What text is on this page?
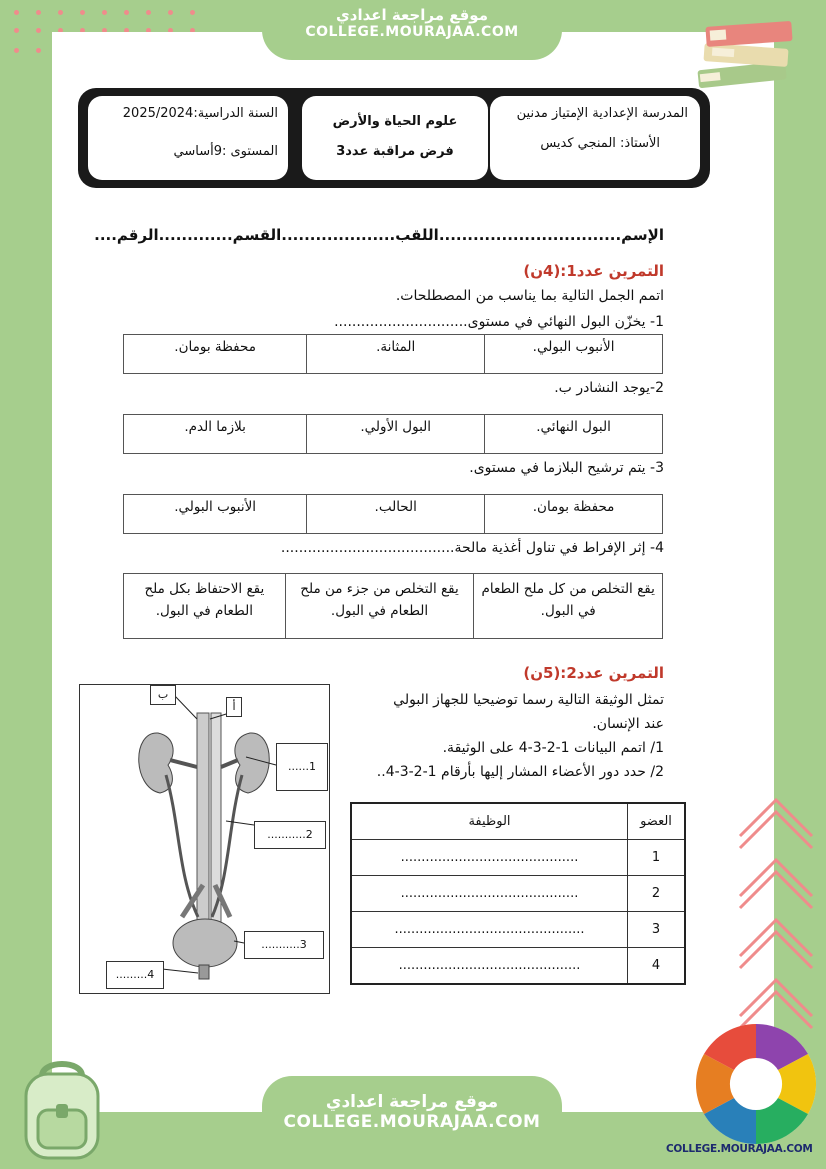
موقع مراجعة اعدادي
COLLEGE.MOURAJAA.COM
المدرسة الإعدادية الإمتياز مدنين
الأستاذ: المنجي كديس
علوم الحياة والأرض
فرض مراقبة عدد3
السنة الدراسية:2025/2024
المستوى :9أساسي
الإسم................................اللقب....................القسم.............الرقم....
التمرين عدد1:(4ن)
اتمم الجمل التالية بما يناسب من المصطلحات.
1- يخزّن البول النهائي في مستوى..............................
الأنبوب البولي.	المثانة.	محفظة بومان.
2-يوجد النشادر ب.
البول النهائي.	البول الأولي.	بلازما الدم.
3- يتم ترشيح البلازما في مستوى.
محفظة بومان.	الحالب.	الأنبوب البولي.
4- إثر الإفراط في تناول أغذية مالحة.......................................
يقع التخلص من كل ملح الطعام في البول.	يقع التخلص من جزء من ملح الطعام في البول.	يقع الاحتفاظ بكل ملح الطعام في البول.
التمرين عدد2:(5ن)
تمثل الوثيقة التالية رسما توضيحيا للجهاز البولي
عند الإنسان.
1/ اتمم البيانات 1-2-3-4 على الوثيقة.
2/ حدد دور الأعضاء المشار إليها بأرقام 1-2-3-4..
ب
أ
......1
...........2
...........3
.........4
العضو	الوظيفة
1	...........................................
2	...........................................
3	..............................................
4	............................................
COLLEGE.MOURAJAA.COM
موقع مراجعة اعدادي
COLLEGE.MOURAJAA.COM
